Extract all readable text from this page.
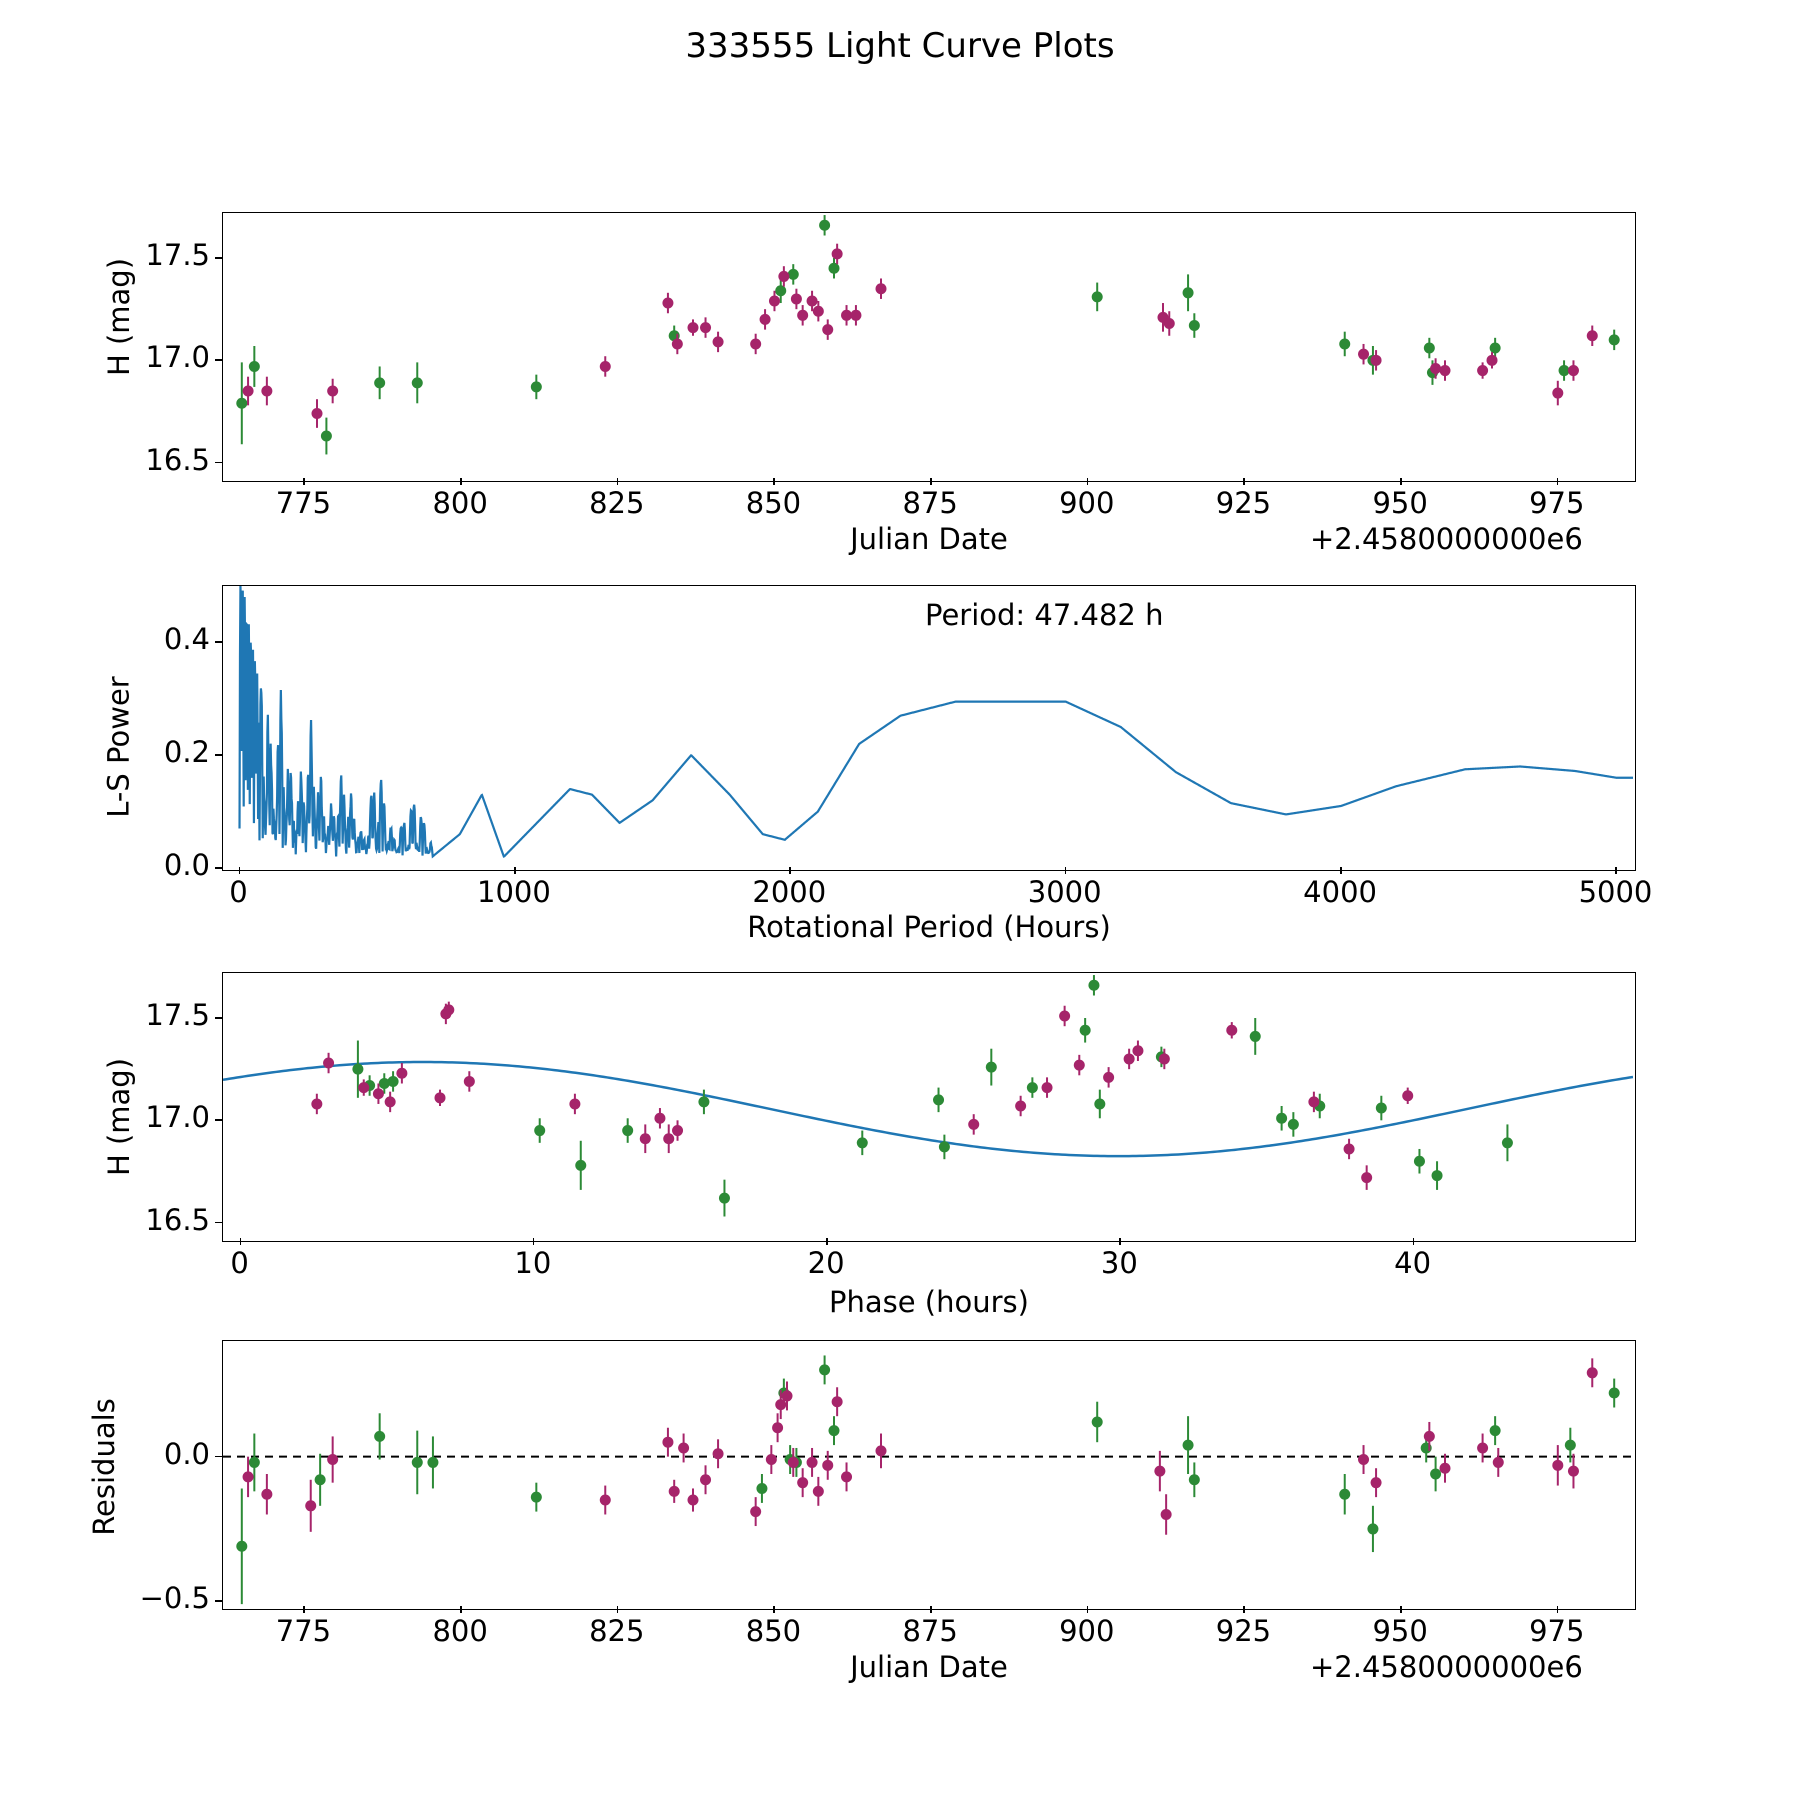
333555 Light Curve Plots
H (mag)
775	800	825	850	875	900	925	950	975
16.5
17.0
17.5
Julian Date	+2.4580000000e6
L-S Power
0	1000	2000	3000	4000	5000
0.0
0.2
0.4
Rotational Period (Hours)
Period: 47.482 h
H (mag)
0	10	20	30	40
16.5
17.0
17.5
Phase (hours)
Residuals
775	800	825	850	875	900	925	950	975
−0.5
0.0
Julian Date	+2.4580000000e6
